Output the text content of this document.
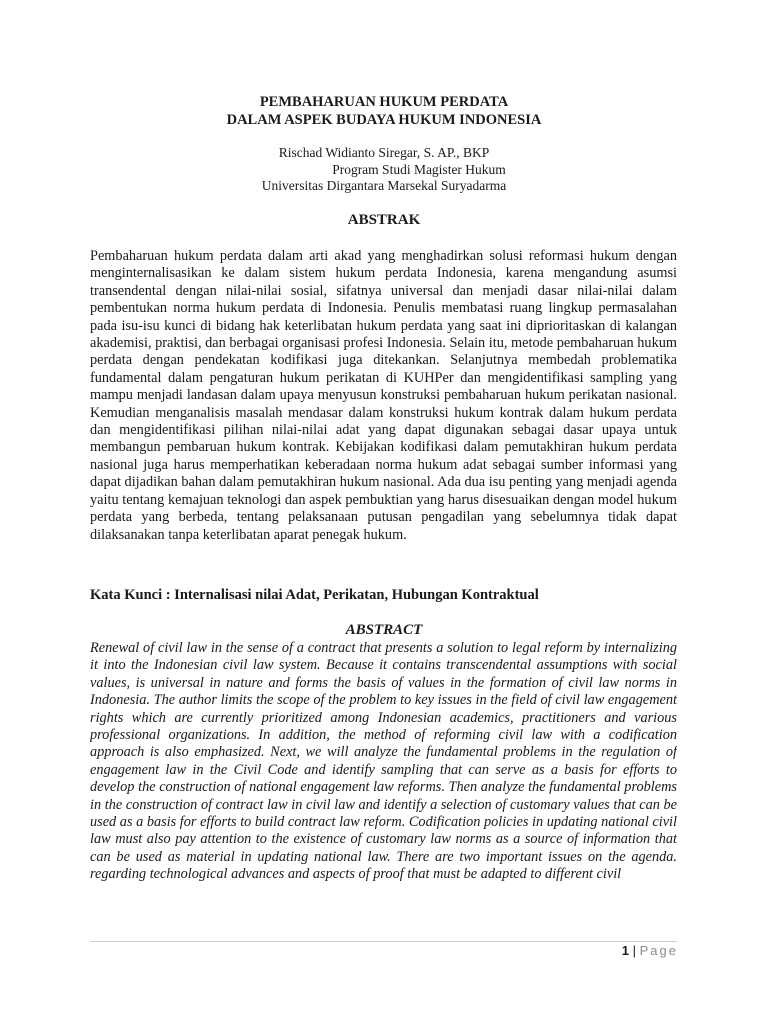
PEMBAHARUAN HUKUM PERDATA
DALAM ASPEK BUDAYA HUKUM INDONESIA
Rischad Widianto Siregar, S. AP., BKP
Program Studi Magister Hukum
Universitas Dirgantara Marsekal Suryadarma
ABSTRAK
Pembaharuan hukum perdata dalam arti akad yang menghadirkan solusi reformasi hukum dengan menginternalisasikan ke dalam sistem hukum perdata Indonesia, karena mengandung asumsi transendental dengan nilai-nilai sosial, sifatnya universal dan menjadi dasar nilai-nilai dalam pembentukan norma hukum perdata di Indonesia. Penulis membatasi ruang lingkup permasalahan pada isu-isu kunci di bidang hak keterlibatan hukum perdata yang saat ini diprioritaskan di kalangan akademisi, praktisi, dan berbagai organisasi profesi Indonesia. Selain itu, metode pembaharuan hukum perdata dengan pendekatan kodifikasi juga ditekankan. Selanjutnya membedah problematika fundamental dalam pengaturan hukum perikatan di KUHPer dan mengidentifikasi sampling yang mampu menjadi landasan dalam upaya menyusun konstruksi pembaharuan hukum perikatan nasional. Kemudian menganalisis masalah mendasar dalam konstruksi hukum kontrak dalam hukum perdata dan mengidentifikasi pilihan nilai-nilai adat yang dapat digunakan sebagai dasar upaya untuk membangun pembaruan hukum kontrak. Kebijakan kodifikasi dalam pemutakhiran hukum perdata nasional juga harus memperhatikan keberadaan norma hukum adat sebagai sumber informasi yang dapat dijadikan bahan dalam pemutakhiran hukum nasional. Ada dua isu penting yang menjadi agenda yaitu tentang kemajuan teknologi dan aspek pembuktian yang harus disesuaikan dengan model hukum perdata yang berbeda, tentang pelaksanaan putusan pengadilan yang sebelumnya tidak dapat dilaksanakan tanpa keterlibatan aparat penegak hukum.
Kata Kunci : Internalisasi nilai Adat, Perikatan, Hubungan Kontraktual
ABSTRACT
Renewal of civil law in the sense of a contract that presents a solution to legal reform by internalizing it into the Indonesian civil law system. Because it contains transcendental assumptions with social values, is universal in nature and forms the basis of values in the formation of civil law norms in Indonesia. The author limits the scope of the problem to key issues in the field of civil law engagement rights which are currently prioritized among Indonesian academics, practitioners and various professional organizations. In addition, the method of reforming civil law with a codification approach is also emphasized. Next, we will analyze the fundamental problems in the regulation of engagement law in the Civil Code and identify sampling that can serve as a basis for efforts to develop the construction of national engagement law reforms. Then analyze the fundamental problems in the construction of contract law in civil law and identify a selection of customary values that can be used as a basis for efforts to build contract law reform. Codification policies in updating national civil law must also pay attention to the existence of customary law norms as a source of information that can be used as material in updating national law. There are two important issues on the agenda. regarding technological advances and aspects of proof that must be adapted to different civil
1 | Page
